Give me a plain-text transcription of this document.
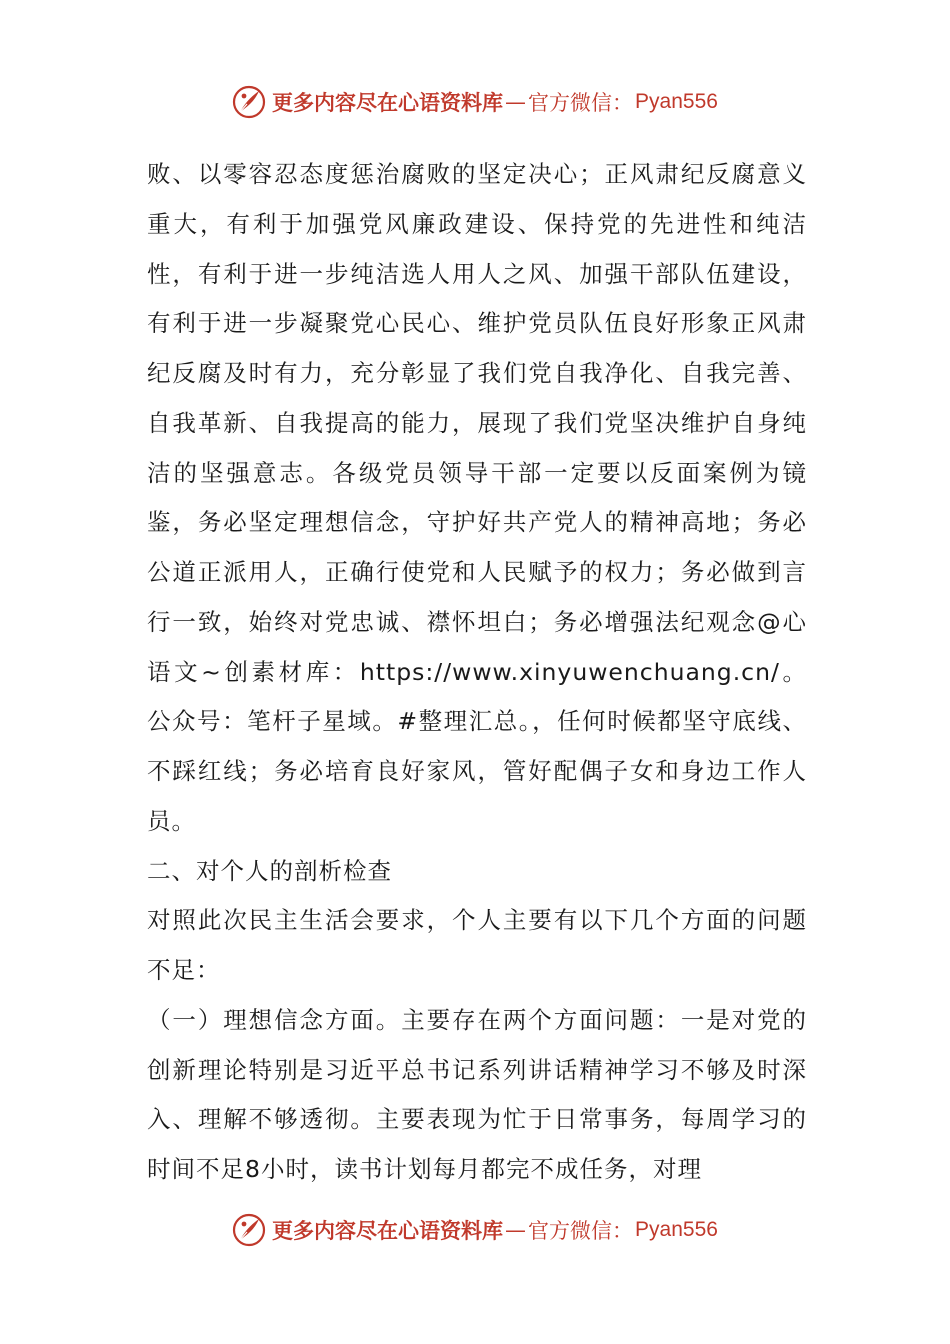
更多内容尽在心语资料库 — 官方微信： Pyan556

败、以零容忍态度惩治腐败的坚定决心；正风肃纪反腐意义重大，有利于加强党风廉政建设、保持党的先进性和纯洁性，有利于进一步纯洁选人用人之风、加强干部队伍建设，有利于进一步凝聚党心民心、维护党员队伍良好形象正风肃纪反腐及时有力，充分彰显了我们党自我净化、自我完善、自我革新、自我提高的能力，展现了我们党坚决维护自身纯洁的坚强意志。各级党员领导干部一定要以反面案例为镜鉴，务必坚定理想信念，守护好共产党人的精神高地；务必公道正派用人，正确行使党和人民赋予的权力；务必做到言行一致，始终对党忠诚、襟怀坦白；务必增强法纪观念@心语文~创素材库：https://www.xinyuwenchuang.cn/。公众号：笔杆子星域。#整理汇总。，任何时候都坚守底线、不踩红线；务必培育良好家风，管好配偶子女和身边工作人员。

二、对个人的剖析检查

对照此次民主生活会要求，个人主要有以下几个方面的问题不足：

（一）理想信念方面。主要存在两个方面问题：一是对党的创新理论特别是习近平总书记系列讲话精神学习不够及时深入、理解不够透彻。主要表现为忙于日常事务，每周学习的时间不足8小时，读书计划每月都完不成任务，对理

更多内容尽在心语资料库 — 官方微信： Pyan556
